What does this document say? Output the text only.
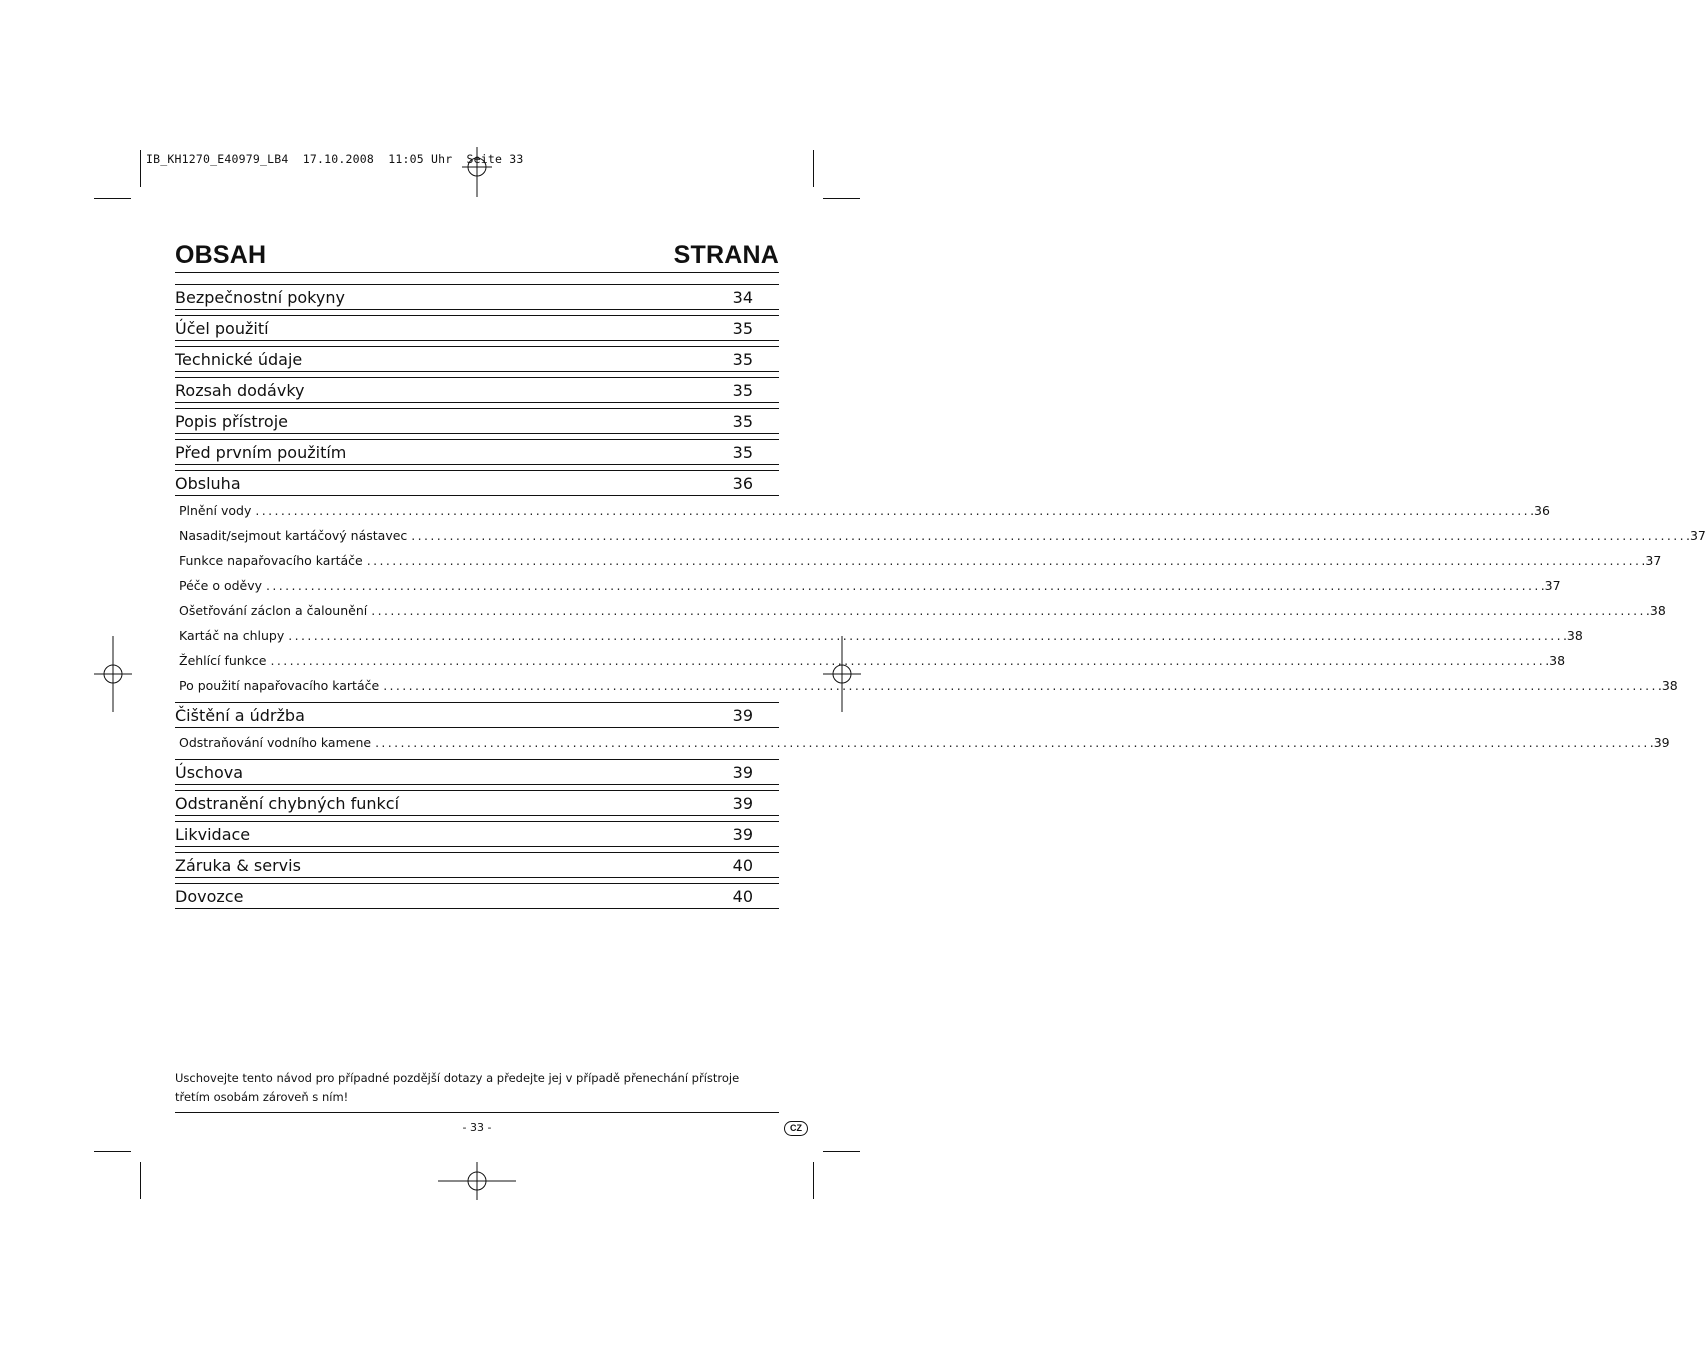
IB_KH1270_E40979_LB4  17.10.2008  11:05 Uhr  Seite 33
OBSAH	STRANA
Bezpečnostní pokyny	34
Účel použití	35
Technické údaje	35
Rozsah dodávky	35
Popis přístroje	35
Před prvním použitím	35
Obsluha	36
Plnění vody ........................................................................................................................................................................................................ .36
Nasadit/sejmout kartáčový nástavec ........................................................................................................................................................................................................ .37
Funkce napařovacího kartáče ........................................................................................................................................................................................................ .37
Péče o oděvy ........................................................................................................................................................................................................ .37
Ošetřování záclon a čalounění ........................................................................................................................................................................................................ .38
Kartáč na chlupy ........................................................................................................................................................................................................ .38
Žehlící funkce ........................................................................................................................................................................................................ .38
Po použití napařovacího kartáče ........................................................................................................................................................................................................ .38
Čištění a údržba	39
Odstraňování vodního kamene ........................................................................................................................................................................................................ .39
Úschova	39
Odstranění chybných funkcí	39
Likvidace	39
Záruka & servis	40
Dovozce	40
Uschovejte tento návod pro případné pozdější dotazy a předejte jej v případě přenechání přístroje třetím osobám zároveň s ním!
- 33 -	CZ
